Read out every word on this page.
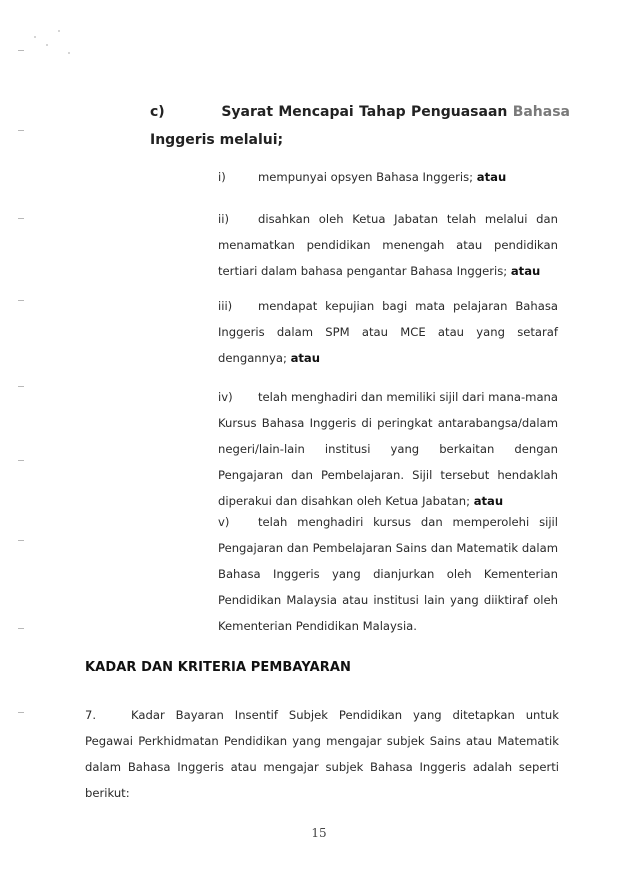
c)	Syarat Mencapai Tahap Penguasaan Bahasa
Inggeris melalui;

i)	mempunyai opsyen Bahasa Inggeris; atau

ii)	disahkan oleh Ketua Jabatan telah melalui dan menamatkan pendidikan menengah atau pendidikan tertiari dalam bahasa pengantar Bahasa Inggeris; atau

iii) mendapat kepujian bagi mata pelajaran Bahasa Inggeris dalam SPM atau MCE atau yang setaraf dengannya; atau

iv) telah menghadiri dan memiliki sijil dari mana-mana Kursus Bahasa Inggeris di peringkat antarabangsa/dalam negeri/lain-lain institusi yang berkaitan dengan Pengajaran dan Pembelajaran. Sijil tersebut hendaklah diperakui dan disahkan oleh Ketua Jabatan; atau

v) telah menghadiri kursus dan memperolehi sijil Pengajaran dan Pembelajaran Sains dan Matematik dalam Bahasa Inggeris yang dianjurkan oleh Kementerian Pendidikan Malaysia atau institusi lain yang diiktiraf oleh Kementerian Pendidikan Malaysia.

KADAR DAN KRITERIA PEMBAYARAN
7.	Kadar Bayaran Insentif Subjek Pendidikan yang ditetapkan untuk Pegawai Perkhidmatan Pendidikan yang mengajar subjek Sains atau Matematik dalam Bahasa Inggeris atau mengajar subjek Bahasa Inggeris adalah seperti berikut:
15
